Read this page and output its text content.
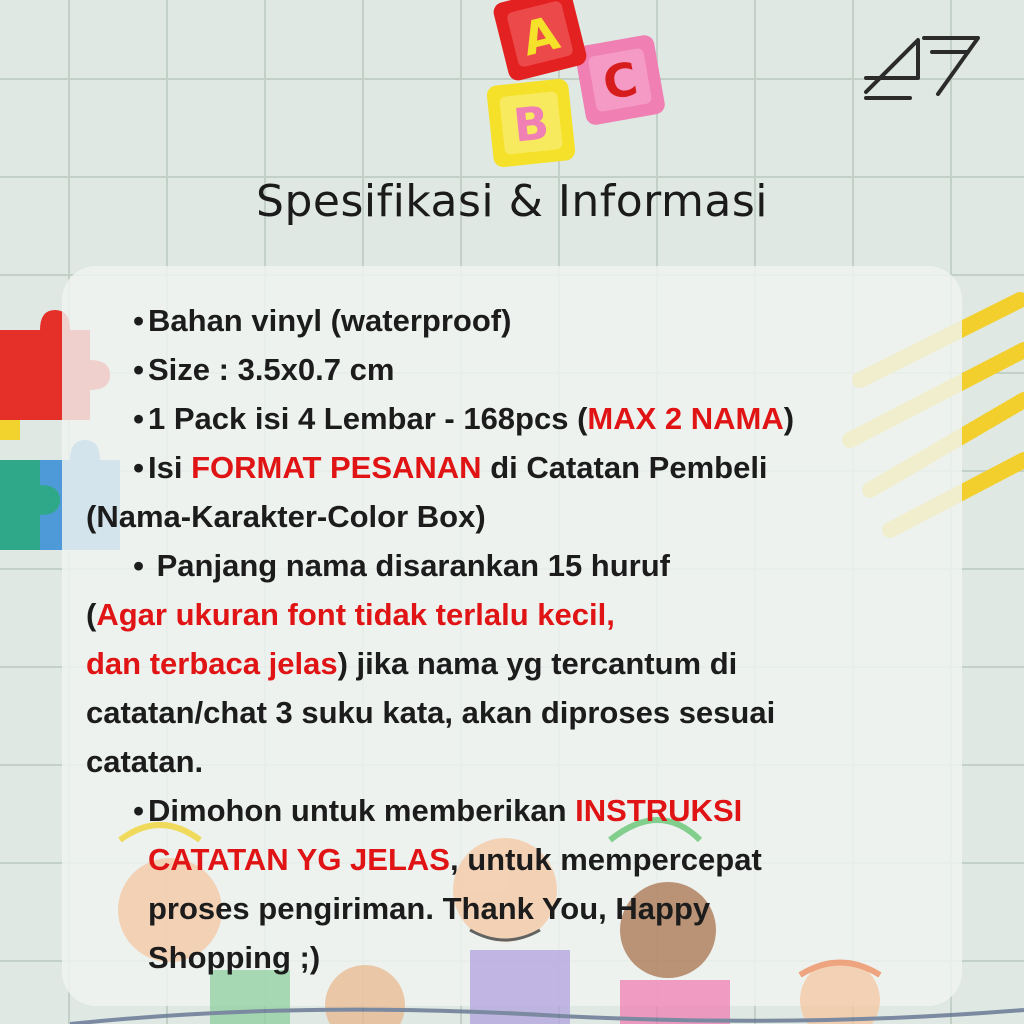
B
C
A
Spesifikasi & Informasi
• Bahan vinyl (waterproof)
• Size : 3.5x0.7 cm
• 1 Pack isi 4 Lembar - 168pcs (MAX 2 NAMA)
• Isi FORMAT PESANAN di Catatan Pembeli
(Nama-Karakter-Color Box)
• Panjang nama disarankan 15 huruf
(Agar ukuran font tidak terlalu kecil,
dan terbaca jelas) jika nama yg tercantum di
catatan/chat 3 suku kata, akan diproses sesuai
catatan.
• Dimohon untuk memberikan INSTRUKSI
CATATAN YG JELAS, untuk mempercepat
proses pengiriman. Thank You, Happy
Shopping ;)
